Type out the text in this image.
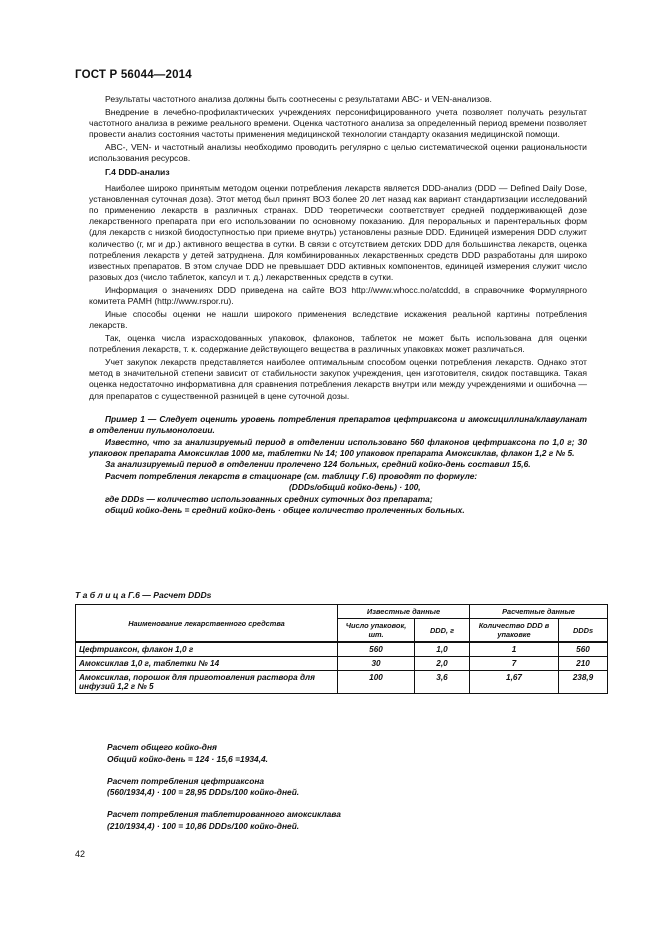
ГОСТ Р 56044—2014

Результаты частотного анализа должны быть соотнесены с результатами ABC- и VEN-анализов.

Внедрение в лечебно-профилактических учреждениях персонифицированного учета позволяет получать результат частотного анализа в режиме реального времени. Оценка частотного анализа за определенный период времени позволяет провести анализ состояния частоты применения медицинской технологии стандарту оказания медицинской помощи.

ABC-, VEN- и частотный анализы необходимо проводить регулярно с целью систематической оценки рациональности использования ресурсов.

Г.4 DDD-анализ

Наиболее широко принятым методом оценки потребления лекарств является DDD-анализ (DDD — Defined Daily Dose, установленная суточная доза). Этот метод был принят ВОЗ более 20 лет назад как вариант стандартизации исследований по применению лекарств в различных странах. DDD теоретически соответствует средней поддерживающей дозе лекарственного препарата при его использовании по основному показанию. Для пероральных и парентеральных форм (для лекарств с низкой биодоступностью при приеме внутрь) установлены разные DDD. Единицей измерения DDD служит количество (г, мг и др.) активного вещества в сутки. В связи с отсутствием детских DDD для большинства лекарств, оценка потребления лекарств у детей затруднена. Для комбинированных лекарственных средств DDD разработаны для широко известных препаратов. В этом случае DDD не превышает DDD активных компонентов, единицей измерения служит число разовых доз (число таблеток, капсул и т. д.) лекарственных средств в сутки.

Информация о значениях DDD приведена на сайте ВОЗ http://www.whocc.no/atcddd, в справочнике Формулярного комитета РАМН (http://www.rspor.ru).

Иные способы оценки не нашли широкого применения вследствие искажения реальной картины потребления лекарств.

Так, оценка числа израсходованных упаковок, флаконов, таблеток не может быть использована для оценки потребления лекарств, т. к. содержание действующего вещества в различных упаковках может различаться.

Учет закупок лекарств представляется наиболее оптимальным способом оценки потребления лекарств. Однако этот метод в значительной степени зависит от стабильности закупок учреждения, цен изготовителя, скидок поставщика. Такая оценка недостаточно информативна для сравнения потребления лекарств внутри или между учреждениями и ошибочна — для препаратов с существенной разницей в цене суточной дозы.

Пример 1 — Следует оценить уровень потребления препаратов цефтриаксона и амоксициллина/клавуланат в отделении пульмонологии.

Известно, что за анализируемый период в отделении использовано 560 флаконов цефтриаксона по 1,0 г; 30 упаковок препарата Амоксиклав 1000 мг, таблетки № 14; 100 упаковок препарата Амоксиклав, флакон 1,2 г № 5.

За анализируемый период в отделении пролечено 124 больных, средний койко-день составил 15,6.

Расчет потребления лекарств в стационаре (см. таблицу Г.6) проводят по формуле:

(DDDs/общий койко-день) · 100,

где DDDs — количество использованных средних суточных доз препарата;

общий койко-день = средний койко-день · общее количество пролеченных больных.

Т а б л и ц а Г.6 — Расчет DDDs
Наименование лекарственного средства	Известные данные		Расчетные данные	
	Число упаковок, шт.	DDD, г	Количество DDD в упаковке	DDDs
Цефтриаксон, флакон 1,0 г	560	1,0	1	560
Амоксиклав 1,0 г, таблетки № 14	30	2,0	7	210
Амоксиклав, порошок для приготовления раствора для инфузий 1,2 г № 5	100	3,6	1,67	238,9
Расчет общего койко-дня
Общий койко-день = 124 · 15,6 =1934,4.
Расчет потребления цефтриаксона
(560/1934,4) · 100 = 28,95 DDDs/100 койко-дней.
Расчет потребления таблетированного амоксиклава
(210/1934,4) · 100 = 10,86 DDDs/100 койко-дней.
42
